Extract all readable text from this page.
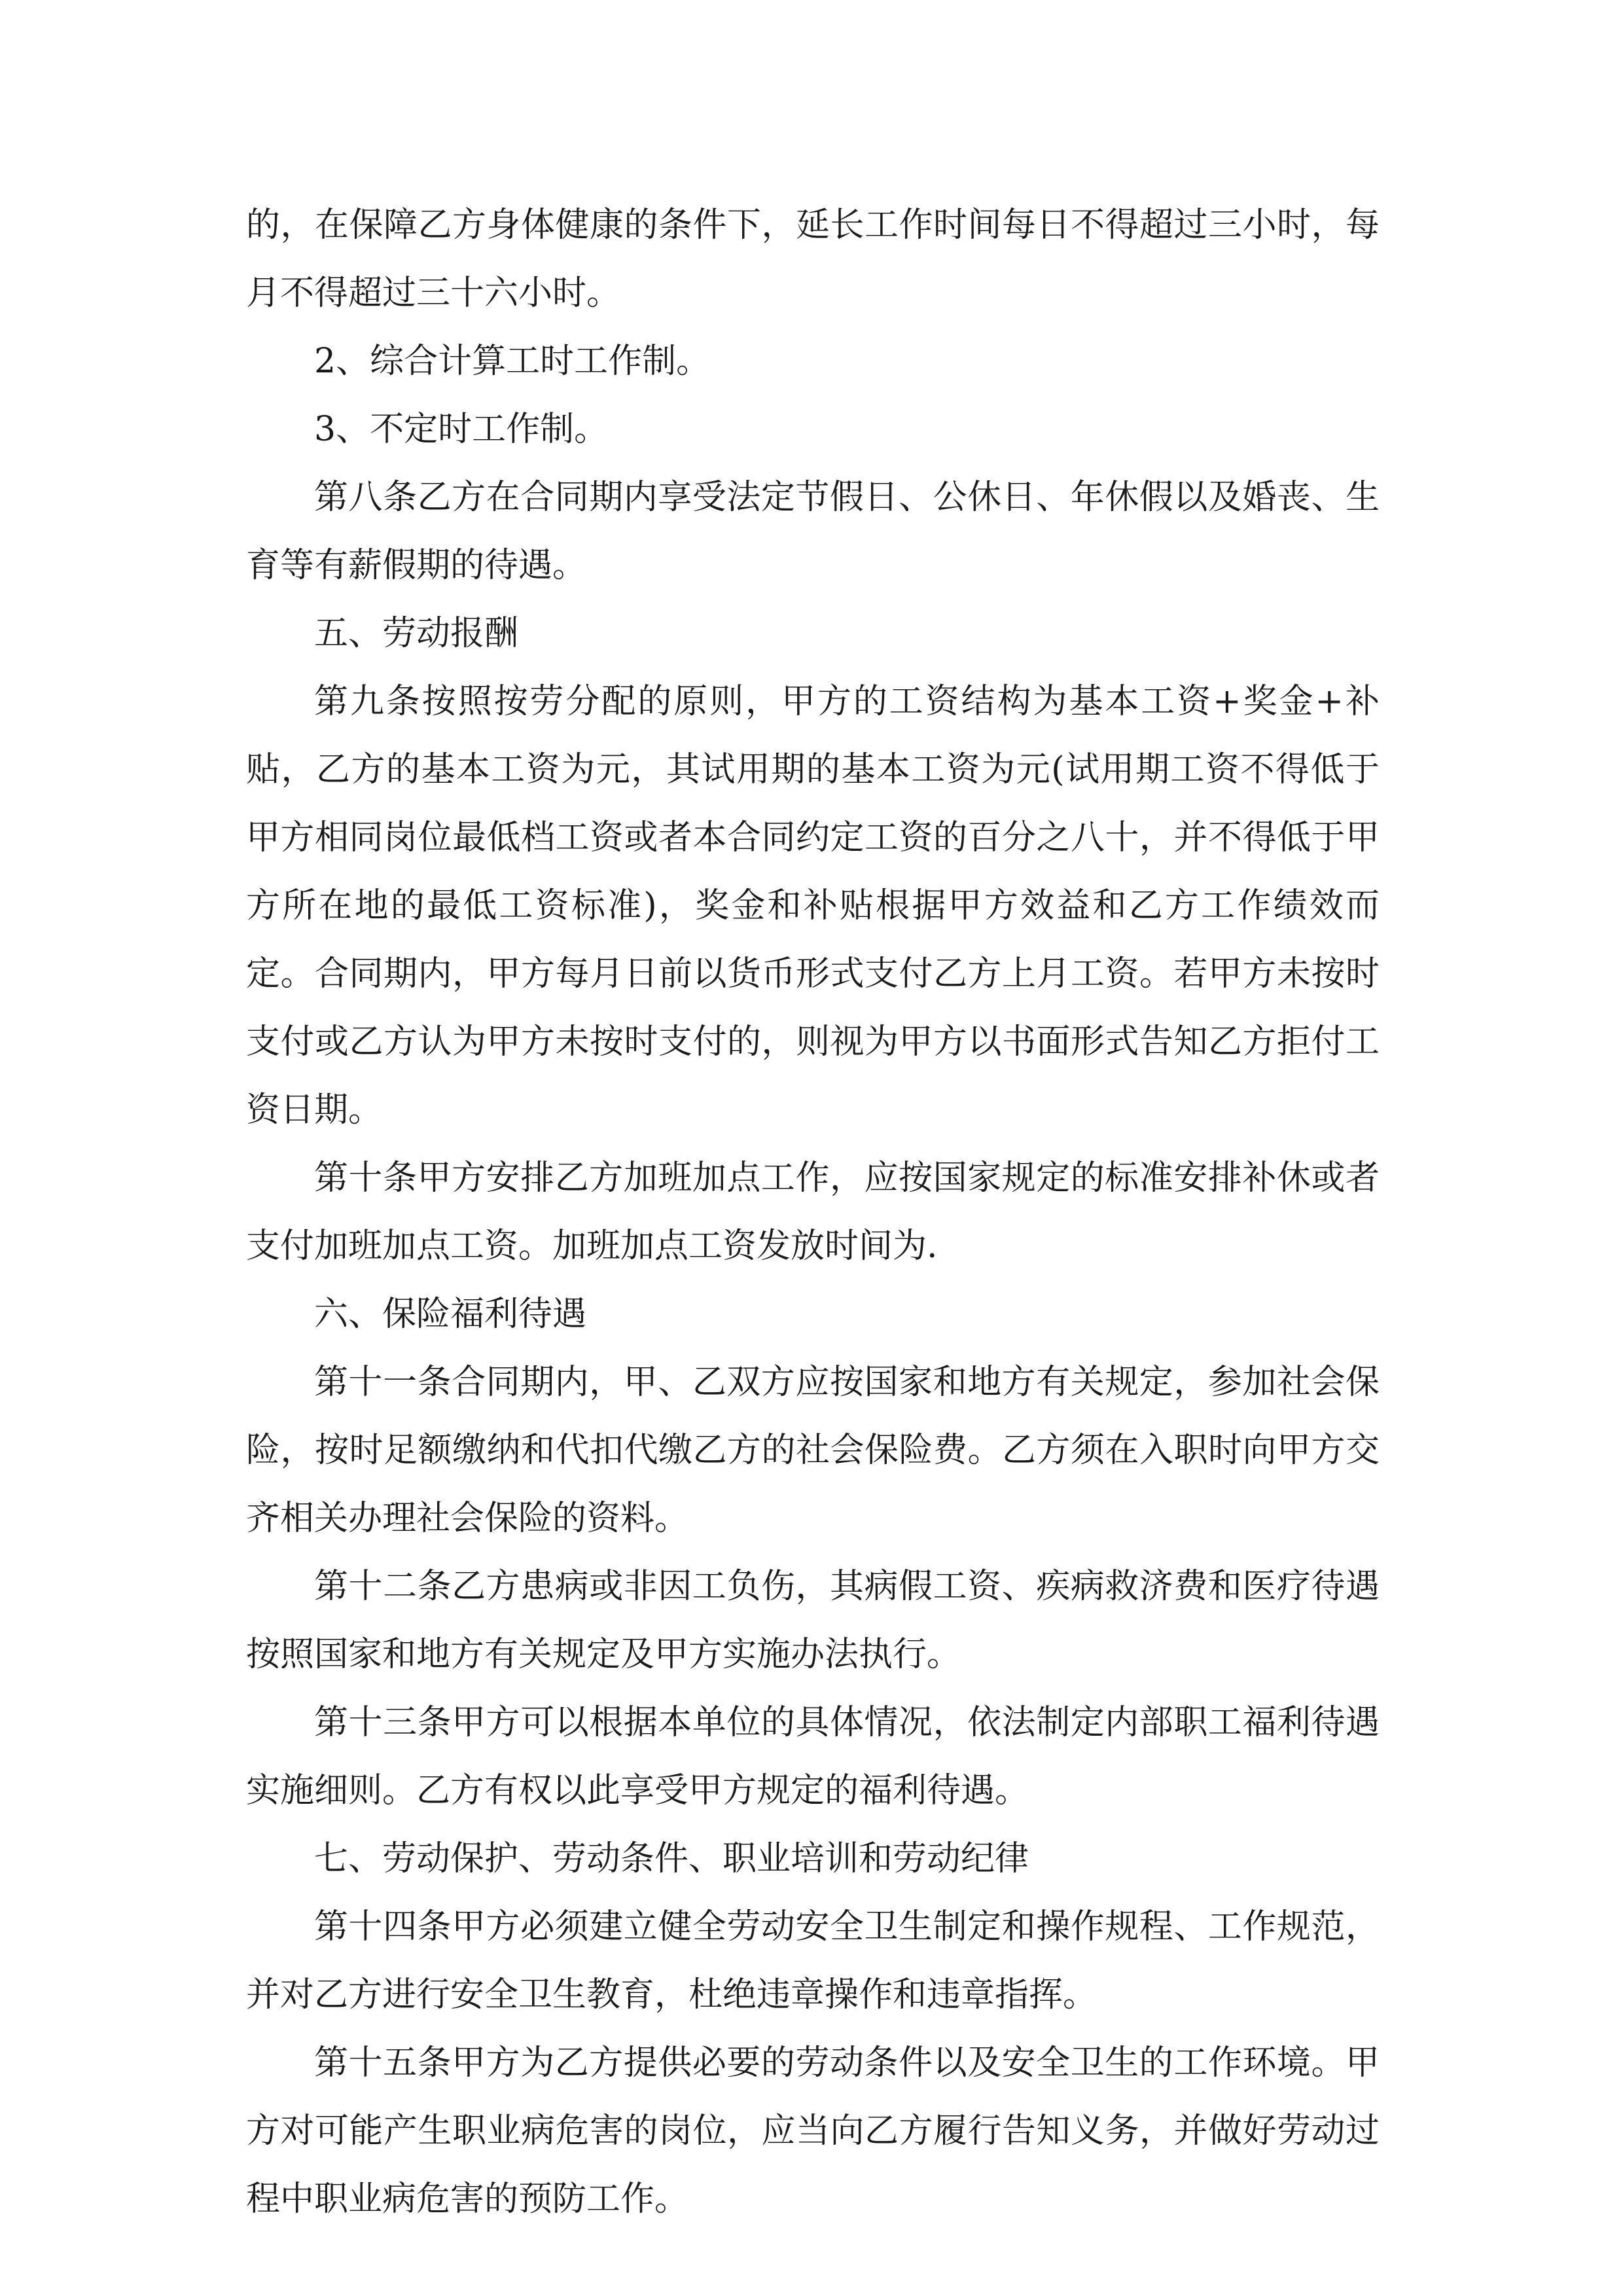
的，在保障乙方身体健康的条件下，延长工作时间每日不得超过三小时，每月不得超过三十六小时。

2、综合计算工时工作制。

3、不定时工作制。

第八条乙方在合同期内享受法定节假日、公休日、年休假以及婚丧、生育等有薪假期的待遇。

五、劳动报酬

第九条按照按劳分配的原则，甲方的工资结构为基本工资+奖金+补贴，乙方的基本工资为元，其试用期的基本工资为元(试用期工资不得低于甲方相同岗位最低档工资或者本合同约定工资的百分之八十，并不得低于甲方所在地的最低工资标准)，奖金和补贴根据甲方效益和乙方工作绩效而定。合同期内，甲方每月日前以货币形式支付乙方上月工资。若甲方未按时支付或乙方认为甲方未按时支付的，则视为甲方以书面形式告知乙方拒付工资日期。

第十条甲方安排乙方加班加点工作，应按国家规定的标准安排补休或者支付加班加点工资。加班加点工资发放时间为.

六、保险福利待遇

第十一条合同期内，甲、乙双方应按国家和地方有关规定，参加社会保险，按时足额缴纳和代扣代缴乙方的社会保险费。乙方须在入职时向甲方交齐相关办理社会保险的资料。

第十二条乙方患病或非因工负伤，其病假工资、疾病救济费和医疗待遇按照国家和地方有关规定及甲方实施办法执行。

第十三条甲方可以根据本单位的具体情况，依法制定内部职工福利待遇实施细则。乙方有权以此享受甲方规定的福利待遇。

七、劳动保护、劳动条件、职业培训和劳动纪律

第十四条甲方必须建立健全劳动安全卫生制定和操作规程、工作规范，并对乙方进行安全卫生教育，杜绝违章操作和违章指挥。

第十五条甲方为乙方提供必要的劳动条件以及安全卫生的工作环境。甲方对可能产生职业病危害的岗位，应当向乙方履行告知义务，并做好劳动过程中职业病危害的预防工作。
